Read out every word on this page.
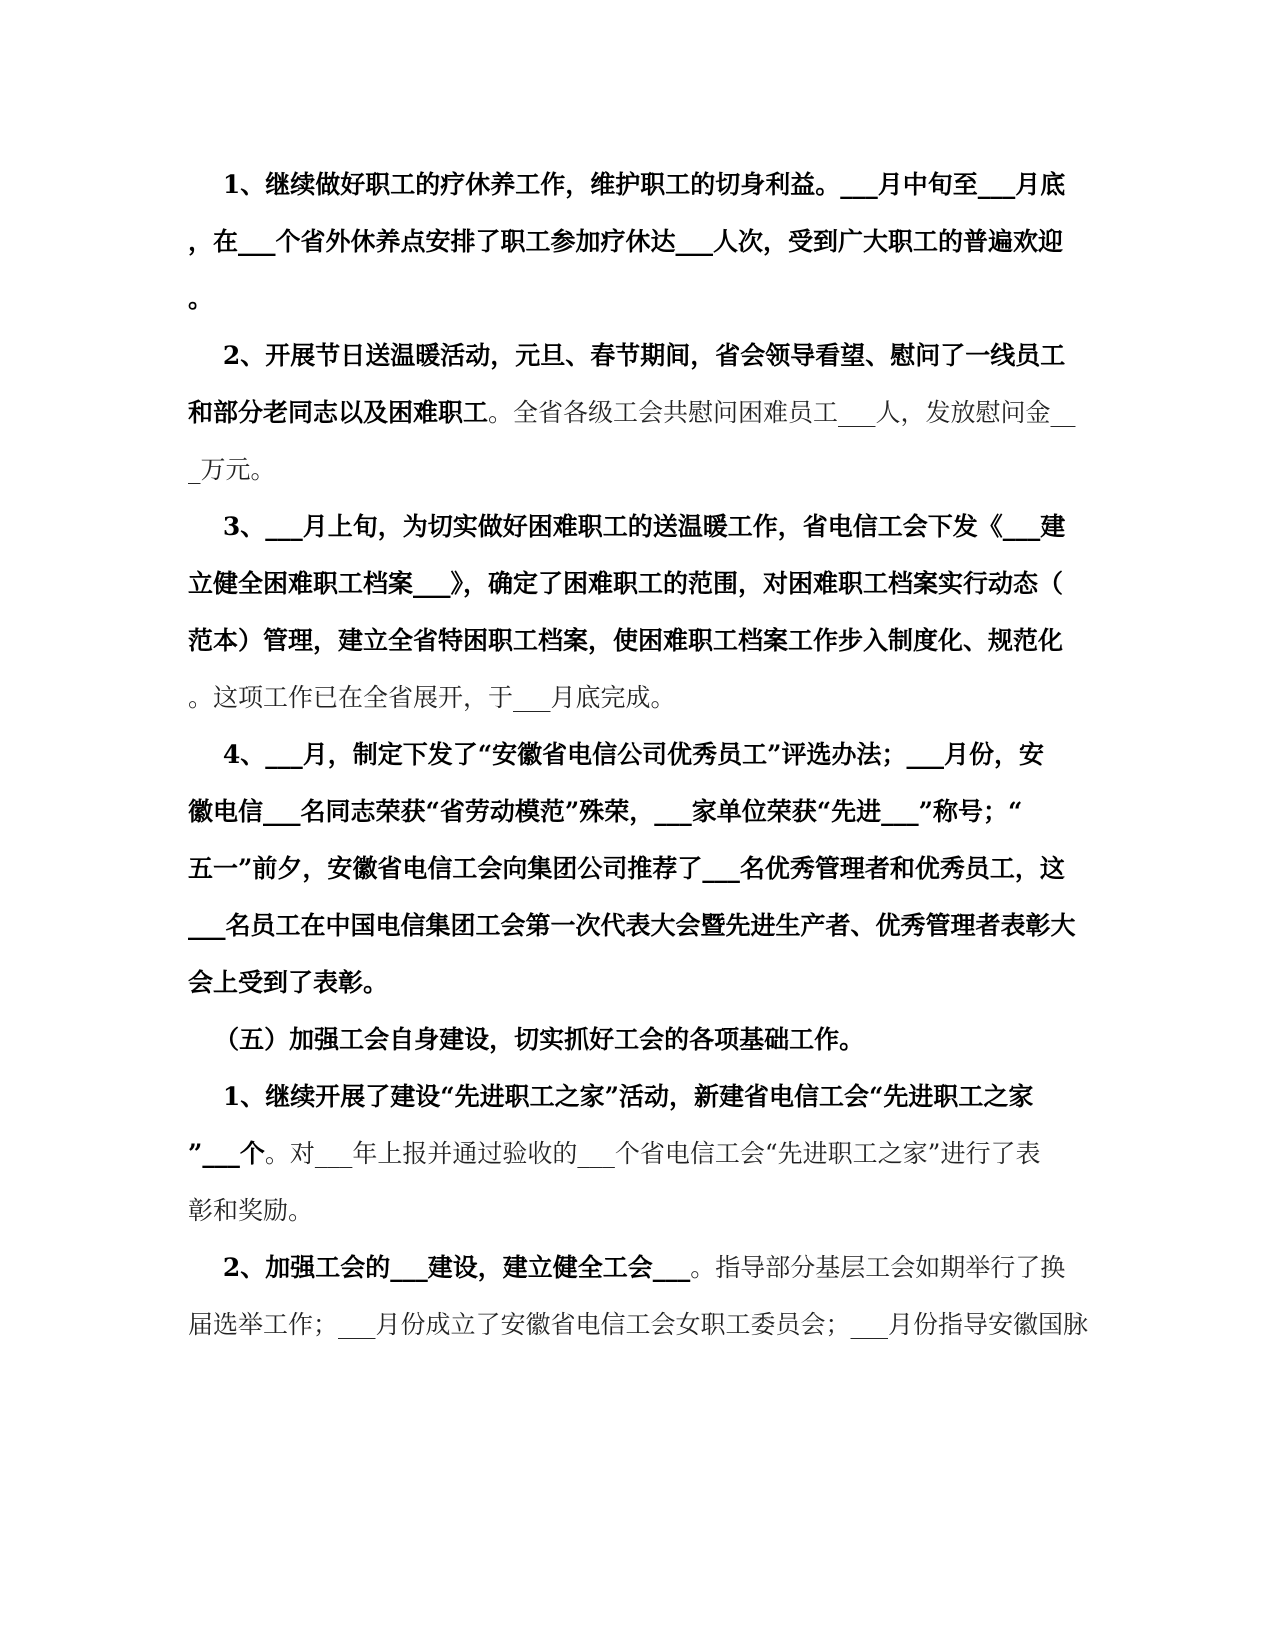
1、继续做好职工的疗休养工作，维护职工的切身利益。___月中旬至___月底
，在___个省外休养点安排了职工参加疗休达___人次，受到广大职工的普遍欢迎
。
2、开展节日送温暖活动，元旦、春节期间，省会领导看望、慰问了一线员工
和部分老同志以及困难职工。全省各级工会共慰问困难员工___人，发放慰问金__
_万元。
3、___月上旬，为切实做好困难职工的送温暖工作，省电信工会下发《___建
立健全困难职工档案___》，确定了困难职工的范围，对困难职工档案实行动态（
范本）管理，建立全省特困职工档案，使困难职工档案工作步入制度化、规范化
。这项工作已在全省展开，于___月底完成。
4、___月，制定下发了“安徽省电信公司优秀员工”评选办法；___月份，安
徽电信___名同志荣获“省劳动模范”殊荣，___家单位荣获“先进___”称号；“
五一”前夕，安徽省电信工会向集团公司推荐了___名优秀管理者和优秀员工，这
___名员工在中国电信集团工会第一次代表大会暨先进生产者、优秀管理者表彰大
会上受到了表彰。
（五）加强工会自身建设，切实抓好工会的各项基础工作。
1、继续开展了建设“先进职工之家”活动，新建省电信工会“先进职工之家
”___个。对___年上报并通过验收的___个省电信工会“先进职工之家”进行了表
彰和奖励。
2、加强工会的___建设，建立健全工会___。指导部分基层工会如期举行了换
届选举工作；___月份成立了安徽省电信工会女职工委员会；___月份指导安徽国脉
